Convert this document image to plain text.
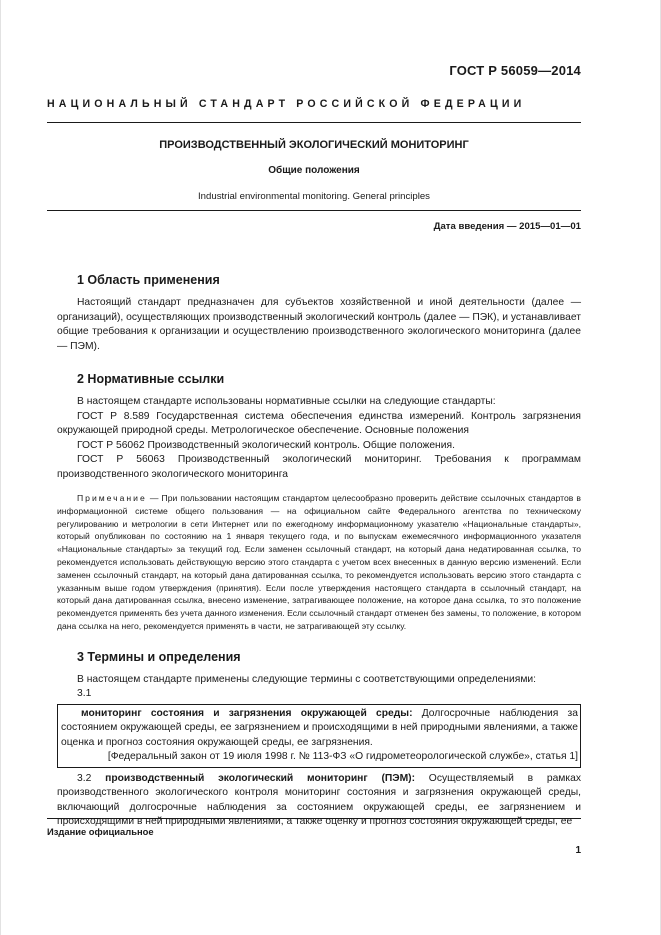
ГОСТ Р 56059—2014
НАЦИОНАЛЬНЫЙ СТАНДАРТ РОССИЙСКОЙ ФЕДЕРАЦИИ
ПРОИЗВОДСТВЕННЫЙ ЭКОЛОГИЧЕСКИЙ МОНИТОРИНГ
Общие положения
Industrial environmental monitoring. General principles
Дата введения — 2015—01—01
1 Область применения

Настоящий стандарт предназначен для субъектов хозяйственной и иной деятельности (далее — организаций), осуществляющих производственный экологический контроль (далее — ПЭК), и устанавливает общие требования к организации и осуществлению производственного экологического мониторинга (далее — ПЭМ).

2 Нормативные ссылки

В настоящем стандарте использованы нормативные ссылки на следующие стандарты:

ГОСТ Р 8.589 Государственная система обеспечения единства измерений. Контроль загрязнения окружающей природной среды. Метрологическое обеспечение. Основные положения

ГОСТ Р 56062 Производственный экологический контроль. Общие положения.

ГОСТ Р 56063 Производственный экологический мониторинг. Требования к программам производственного экологического мониторинга

Примечание — При пользовании настоящим стандартом целесообразно проверить действие ссылочных стандартов в информационной системе общего пользования — на официальном сайте Федерального агентства по техническому регулированию и метрологии в сети Интернет или по ежегодному информационному указателю «Национальные стандарты», который опубликован по состоянию на 1 января текущего года, и по выпускам ежемесячного информационного указателя «Национальные стандарты» за текущий год. Если заменен ссылочный стандарт, на который дана недатированная ссылка, то рекомендуется использовать действующую версию этого стандарта с учетом всех внесенных в данную версию изменений. Если заменен ссылочный стандарт, на который дана датированная ссылка, то рекомендуется использовать версию этого стандарта с указанным выше годом утверждения (принятия). Если после утверждения настоящего стандарта в ссылочный стандарт, на который дана датированная ссылка, внесено изменение, затрагивающее положение, на которое дана ссылка, то это положение рекомендуется применять без учета данного изменения. Если ссылочный стандарт отменен без замены, то положение, в котором дана ссылка на него, рекомендуется применять в части, не затрагивающей эту ссылку.

3 Термины и определения

В настоящем стандарте применены следующие термины с соответствующими определениями:

3.1

мониторинг состояния и загрязнения окружающей среды: Долгосрочные наблюдения за состоянием окружающей среды, ее загрязнением и происходящими в ней природными явлениями, а также оценка и прогноз состояния окружающей среды, ее загрязнения.

[Федеральный закон от 19 июля 1998 г. № 113-ФЗ «О гидрометеорологической службе», статья 1]

3.2 производственный экологический мониторинг (ПЭМ): Осуществляемый в рамках производственного экологического контроля мониторинг состояния и загрязнения окружающей среды, включающий долгосрочные наблюдения за состоянием окружающей среды, ее загрязнением и происходящими в ней природными явлениями, а также оценку и прогноз состояния окружающей среды, ее

Издание официальное
1
